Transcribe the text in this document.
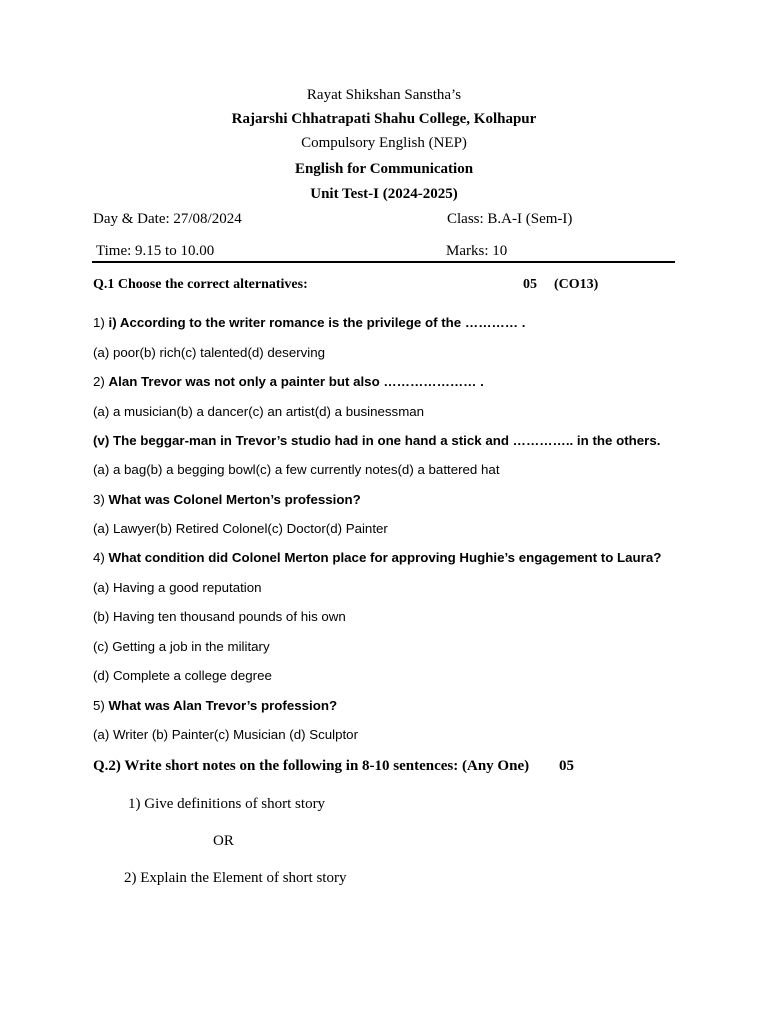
Rayat Shikshan Sanstha’s
Rajarshi Chhatrapati Shahu College, Kolhapur
Compulsory English (NEP)
English for Communication
Unit Test-I (2024-2025)
Day & Date: 27/08/2024	Class: B.A-I (Sem-I)
Time: 9.15 to 10.00	Marks: 10
Q.1 Choose the correct alternatives:	05 (CO13)
1) i) According to the writer romance is the privilege of the ………… .
(a) poor(b) rich(c) talented(d) deserving
2) Alan Trevor was not only a painter but also ………………… .
(a) a musician(b) a dancer(c) an artist(d) a businessman
(v) The beggar-man in Trevor’s studio had in one hand a stick and ………….. in the others.
(a) a bag(b) a begging bowl(c) a few currently notes(d) a battered hat
3) What was Colonel Merton’s profession?
(a) Lawyer(b) Retired Colonel(c) Doctor(d) Painter
4) What condition did Colonel Merton place for approving Hughie’s engagement to Laura?
(a) Having a good reputation
(b) Having ten thousand pounds of his own
(c) Getting a job in the military
(d) Complete a college degree
5) What was Alan Trevor’s profession?
(a) Writer (b) Painter(c) Musician (d) Sculptor
Q.2) Write short notes on the following in 8-10 sentences: (Any One) 05
1) Give definitions of short story
OR
2) Explain the Element of short story
